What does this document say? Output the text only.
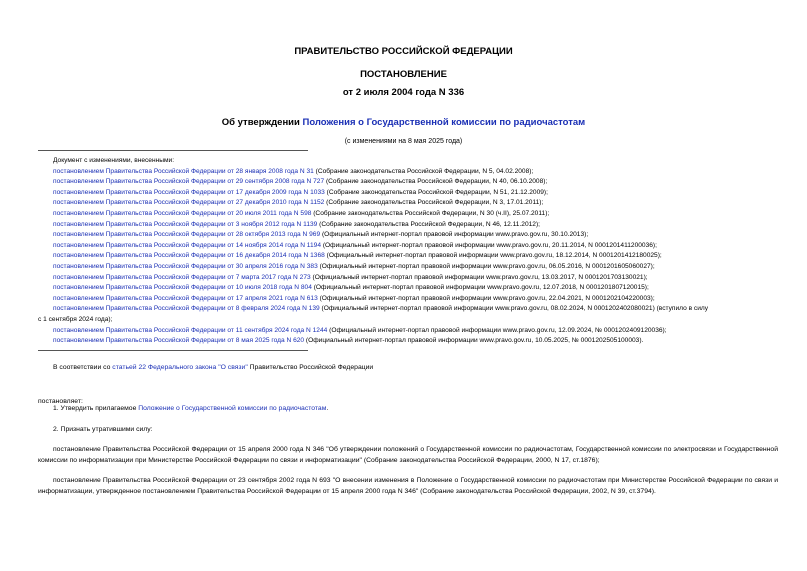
ПРАВИТЕЛЬСТВО РОССИЙСКОЙ ФЕДЕРАЦИИ
ПОСТАНОВЛЕНИЕ
от 2 июля 2004 года N 336
Об утверждении Положения о Государственной комиссии по радиочастотам
(с изменениями на 8 мая 2025 года)
Документ с изменениями, внесенными:
постановлением Правительства Российской Федерации от 28 января 2008 года N 31 (Собрание законодательства Российской Федерации, N 5, 04.02.2008);
постановлением Правительства Российской Федерации от 29 сентября 2008 года N 727 (Собрание законодательства Российской Федерации, N 40, 06.10.2008);
постановлением Правительства Российской Федерации от 17 декабря 2009 года N 1033 (Собрание законодательства Российской Федерации, N 51, 21.12.2009);
постановлением Правительства Российской Федерации от 27 декабря 2010 года N 1152 (Собрание законодательства Российской Федерации, N 3, 17.01.2011);
постановлением Правительства Российской Федерации от 20 июля 2011 года N 598 (Собрание законодательства Российской Федерации, N 30 (ч.II), 25.07.2011);
постановлением Правительства Российской Федерации от 3 ноября 2012 года N 1139 (Собрание законодательства Российской Федерации, N 46, 12.11.2012);
постановлением Правительства Российской Федерации от 28 октября 2013 года N 969 (Официальный интернет-портал правовой информации www.pravo.gov.ru, 30.10.2013);
постановлением Правительства Российской Федерации от 14 ноября 2014 года N 1194 (Официальный интернет-портал правовой информации www.pravo.gov.ru, 20.11.2014, N 0001201411200036);
постановлением Правительства Российской Федерации от 16 декабря 2014 года N 1368 (Официальный интернет-портал правовой информации www.pravo.gov.ru, 18.12.2014, N 0001201412180025);
постановлением Правительства Российской Федерации от 30 апреля 2016 года N 383 (Официальный интернет-портал правовой информации www.pravo.gov.ru, 06.05.2016, N 0001201605060027);
постановлением Правительства Российской Федерации от 7 марта 2017 года N 273 (Официальный интернет-портал правовой информации www.pravo.gov.ru, 13.03.2017, N 0001201703130021);
постановлением Правительства Российской Федерации от 10 июля 2018 года N 804 (Официальный интернет-портал правовой информации www.pravo.gov.ru, 12.07.2018, N 0001201807120015);
постановлением Правительства Российской Федерации от 17 апреля 2021 года N 613 (Официальный интернет-портал правовой информации www.pravo.gov.ru, 22.04.2021, N 0001202104220003);
постановлением Правительства Российской Федерации от 8 февраля 2024 года N 139 (Официальный интернет-портал правовой информации www.pravo.gov.ru, 08.02.2024, N 0001202402080021) (вступило в силу
с 1 сентября 2024 года);
постановлением Правительства Российской Федерации от 11 сентября 2024 года N 1244 (Официальный интернет-портал правовой информации www.pravo.gov.ru, 12.09.2024, № 0001202409120036);
постановлением Правительства Российской Федерации от 8 мая 2025 года N 620 (Официальный интернет-портал правовой информации www.pravo.gov.ru, 10.05.2025, № 0001202505100003).
В соответствии со статьей 22 Федерального закона "О связи" Правительство Российской Федерации
постановляет:
1. Утвердить прилагаемое Положение о Государственной комиссии по радиочастотам.
2. Признать утратившими силу:
постановление Правительства Российской Федерации от 15 апреля 2000 года N 346 "Об утверждении положений о Государственной комиссии по радиочастотам, Государственной комиссии по электросвязи и Государственной комиссии по информатизации при Министерстве Российской Федерации по связи и информатизации" (Собрание законодательства Российской Федерации, 2000, N 17, ст.1876);
постановление Правительства Российской Федерации от 23 сентября 2002 года N 693 "О внесении изменения в Положение о Государственной комиссии по радиочастотам при Министерстве Российской Федерации по связи и информатизации, утвержденное постановлением Правительства Российской Федерации от 15 апреля 2000 года N 346" (Собрание законодательства Российской Федерации, 2002, N 39, ст.3794).
